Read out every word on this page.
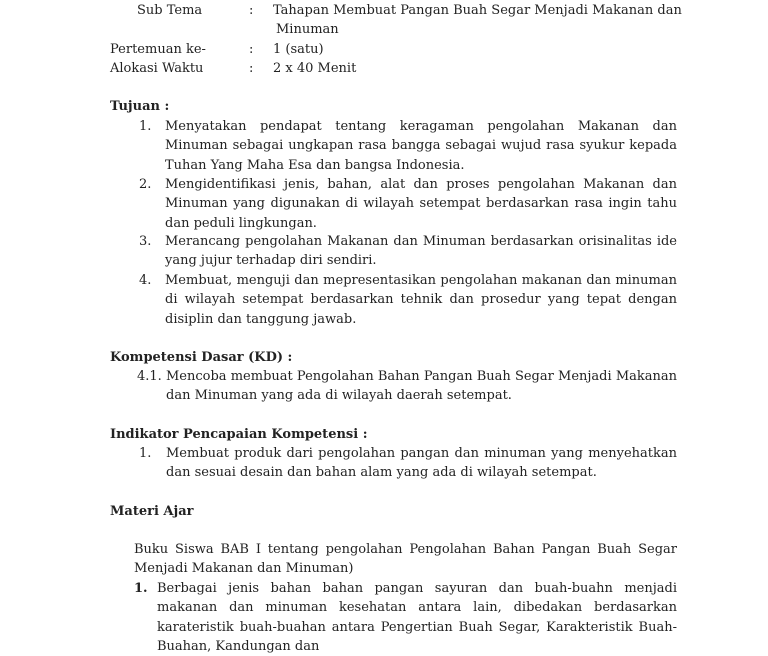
Sub Tema	: Tahapan Membuat Pangan Buah Segar Menjadi Makanan dan
Minuman
Pertemuan ke-	: 1 (satu)
Alokasi Waktu	: 2 x 40 Menit
Tujuan :
1. Menyatakan pendapat tentang keragaman pengolahan Makanan dan Minuman sebagai ungkapan rasa bangga sebagai wujud rasa syukur kepada Tuhan Yang Maha Esa dan bangsa Indonesia.
2. Mengidentifikasi jenis, bahan, alat dan proses pengolahan Makanan dan Minuman yang digunakan di wilayah setempat berdasarkan rasa ingin tahu dan peduli lingkungan.
3. Merancang pengolahan Makanan dan Minuman berdasarkan orisinalitas ide yang jujur terhadap diri sendiri.
4. Membuat, menguji dan mepresentasikan pengolahan makanan dan minuman di wilayah setempat berdasarkan tehnik dan prosedur yang tepat dengan disiplin dan tanggung jawab.
Kompetensi Dasar (KD) :
4.1. Mencoba membuat Pengolahan Bahan Pangan Buah Segar Menjadi Makanan dan Minuman yang ada di wilayah daerah setempat.
Indikator Pencapaian Kompetensi :
1. Membuat produk dari pengolahan pangan dan minuman yang menyehatkan dan sesuai desain dan bahan alam yang ada di wilayah setempat.
Materi Ajar
Buku Siswa BAB I tentang pengolahan Pengolahan Bahan Pangan Buah Segar Menjadi Makanan dan Minuman)
1. Berbagai jenis bahan bahan pangan sayuran dan buah-buahn menjadi makanan dan minuman kesehatan antara lain, dibedakan berdasarkan karateristik buah-buahan antara Pengertian Buah Segar, Karakteristik Buah-Buahan, Kandungan dan
